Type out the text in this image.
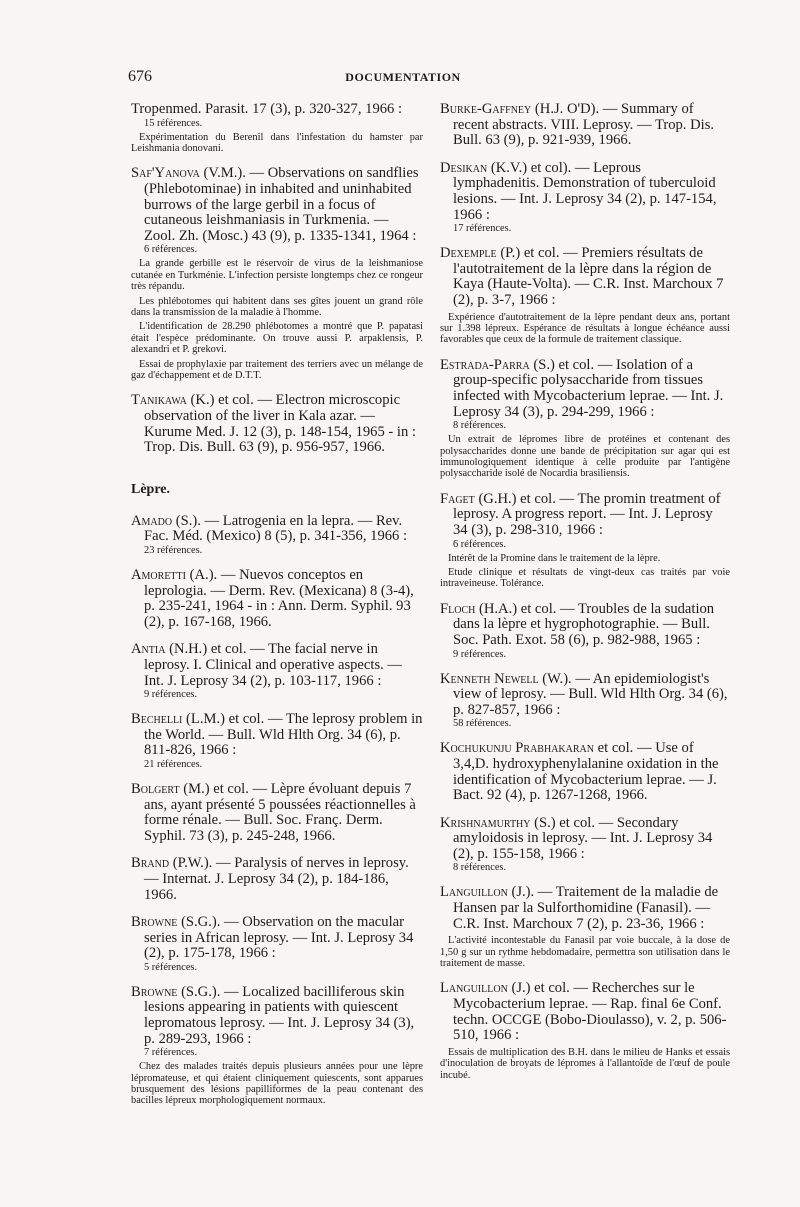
676	DOCUMENTATION

Tropenmed. Parasit. 17 (3), p. 320-327, 1966 :

15 références.

Expérimentation du Berenil dans l'infestation du hamster par Leishmania donovani.

Saf'Yanova (V.M.). — Observations on sandflies (Phlebotominae) in inhabited and uninhabited burrows of the large gerbil in a focus of cutaneous leishmaniasis in Turkmenia. — Zool. Zh. (Mosc.) 43 (9), p. 1335-1341, 1964 :

6 références.

La grande gerbille est le réservoir de virus de la leishmaniose cutanée en Turkménie. L'infection persiste longtemps chez ce rongeur très répandu.

Les phlébotomes qui habitent dans ses gîtes jouent un grand rôle dans la transmission de la maladie à l'homme.

L'identification de 28.290 phlébotomes a montré que P. papatasi était l'espèce prédominante. On trouve aussi P. arpaklensis, P. alexandri et P. grekovi.

Essai de prophylaxie par traitement des terriers avec un mélange de gaz d'échappement et de D.T.T.

Tanikawa (K.) et col. — Electron microscopic observation of the liver in Kala azar. — Kurume Med. J. 12 (3), p. 148-154, 1965 - in : Trop. Dis. Bull. 63 (9), p. 956-957, 1966.

Lèpre.

Amado (S.). — Latrogenia en la lepra. — Rev. Fac. Méd. (Mexico) 8 (5), p. 341-356, 1966 :

23 références.

Amoretti (A.). — Nuevos conceptos en leprologia. — Derm. Rev. (Mexicana) 8 (3-4), p. 235-241, 1964 - in : Ann. Derm. Syphil. 93 (2), p. 167-168, 1966.

Antia (N.H.) et col. — The facial nerve in leprosy. I. Clinical and operative aspects. — Int. J. Leprosy 34 (2), p. 103-117, 1966 :

9 références.

Bechelli (L.M.) et col. — The leprosy problem in the World. — Bull. Wld Hlth Org. 34 (6), p. 811-826, 1966 :

21 références.

Bolgert (M.) et col. — Lèpre évoluant depuis 7 ans, ayant présenté 5 poussées réactionnelles à forme rénale. — Bull. Soc. Franç. Derm. Syphil. 73 (3), p. 245-248, 1966.

Brand (P.W.). — Paralysis of nerves in leprosy. — Internat. J. Leprosy 34 (2), p. 184-186, 1966.

Browne (S.G.). — Observation on the macular series in African leprosy. — Int. J. Leprosy 34 (2), p. 175-178, 1966 :

5 références.

Browne (S.G.). — Localized bacilliferous skin lesions appearing in patients with quiescent lepromatous leprosy. — Int. J. Leprosy 34 (3), p. 289-293, 1966 :

7 références.

Chez des malades traités depuis plusieurs années pour une lèpre lépromateuse, et qui étaient cliniquement quiescents, sont apparues brusquement des lésions papilliformes de la peau contenant des bacilles lépreux morphologiquement normaux.

Burke-Gaffney (H.J. O'D). — Summary of recent abstracts. VIII. Leprosy. — Trop. Dis. Bull. 63 (9), p. 921-939, 1966.

Desikan (K.V.) et col). — Leprous lymphadenitis. Demonstration of tuberculoid lesions. — Int. J. Leprosy 34 (2), p. 147-154, 1966 :

17 références.

Dexemple (P.) et col. — Premiers résultats de l'autotraitement de la lèpre dans la région de Kaya (Haute-Volta). — C.R. Inst. Marchoux 7 (2), p. 3-7, 1966 :

Expérience d'autotraitement de la lèpre pendant deux ans, portant sur 1.398 lépreux. Espérance de résultats à longue échéance aussi favorables que ceux de la formule de traitement classique.

Estrada-Parra (S.) et col. — Isolation of a group-specific polysaccharide from tissues infected with Mycobacterium leprae. — Int. J. Leprosy 34 (3), p. 294-299, 1966 :

8 références.

Un extrait de lépromes libre de protéines et contenant des polysaccharides donne une bande de précipitation sur agar qui est immunologiquement identique à celle produite par l'antigène polysaccharide isolé de Nocardia brasiliensis.

Faget (G.H.) et col. — The promin treatment of leprosy. A progress report. — Int. J. Leprosy 34 (3), p. 298-310, 1966 :

6 références.

Intérêt de la Promine dans le traitement de la lèpre.

Etude clinique et résultats de vingt-deux cas traités par voie intraveineuse. Tolérance.

Floch (H.A.) et col. — Troubles de la sudation dans la lèpre et hygrophotographie. — Bull. Soc. Path. Exot. 58 (6), p. 982-988, 1965 :

9 références.

Kenneth Newell (W.). — An epidemiologist's view of leprosy. — Bull. Wld Hlth Org. 34 (6), p. 827-857, 1966 :

58 références.

Kochukunju Prabhakaran et col. — Use of 3,4,D. hydroxyphenylalanine oxidation in the identification of Mycobacterium leprae. — J. Bact. 92 (4), p. 1267-1268, 1966.

Krishnamurthy (S.) et col. — Secondary amyloidosis in leprosy. — Int. J. Leprosy 34 (2), p. 155-158, 1966 :

8 références.

Languillon (J.). — Traitement de la maladie de Hansen par la Sulforthomidine (Fanasil). — C.R. Inst. Marchoux 7 (2), p. 23-36, 1966 :

L'activité incontestable du Fanasil par voie buccale, à la dose de 1,50 g sur un rythme hebdomadaire, permettra son utilisation dans le traitement de masse.

Languillon (J.) et col. — Recherches sur le Mycobacterium leprae. — Rap. final 6e Conf. techn. OCCGE (Bobo-Dioulasso), v. 2, p. 506-510, 1966 :

Essais de multiplication des B.H. dans le milieu de Hanks et essais d'inoculation de broyats de lépromes à l'allantoïde de l'œuf de poule incubé.
